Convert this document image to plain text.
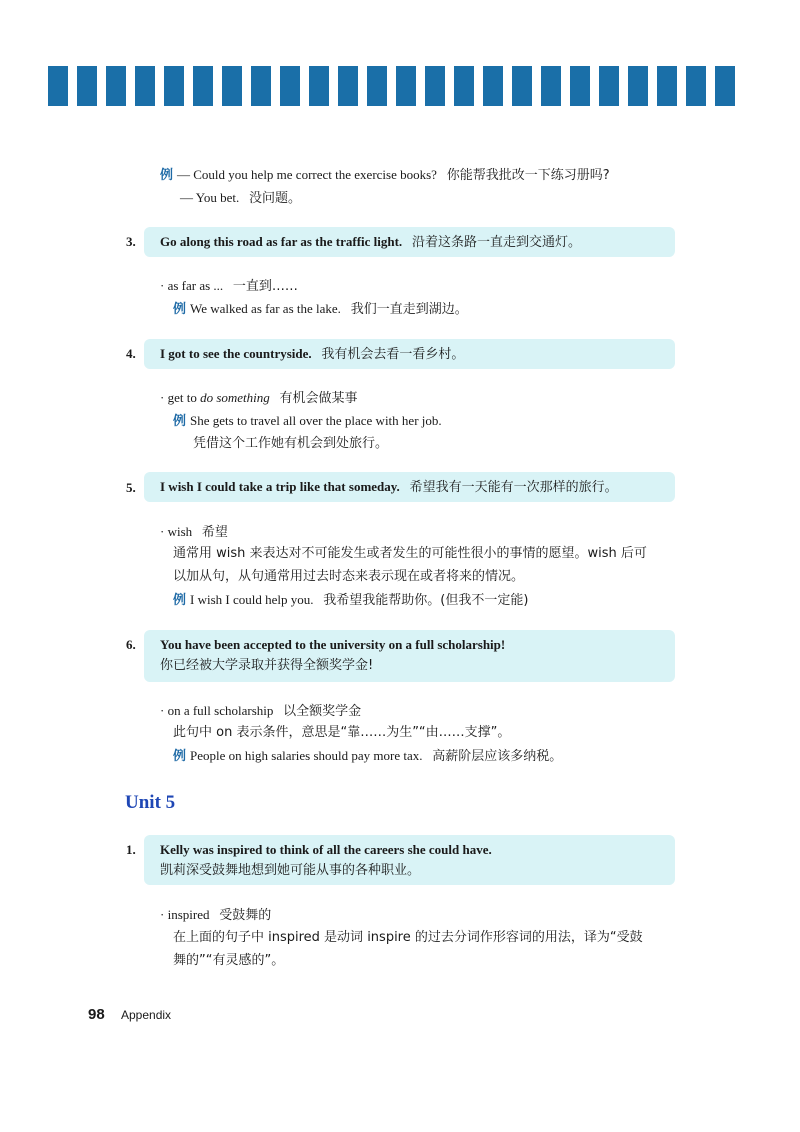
例 — Could you help me correct the exercise books? 你能帮我批改一下练习册吗?
— You bet. 没问题。
3. Go along this road as far as the traffic light. 沿着这条路一直走到交通灯。
· as far as ... 一直到……
例 We walked as far as the lake. 我们一直走到湖边。
4. I got to see the countryside. 我有机会去看一看乡村。
· get to do something 有机会做某事
例 She gets to travel all over the place with her job.
凭借这个工作她有机会到处旅行。
5. I wish I could take a trip like that someday. 希望我有一天能有一次那样的旅行。
· wish 希望
通常用 wish 来表达对不可能发生或者发生的可能性很小的事情的愿望。wish 后可
以加从句，从句通常用过去时态来表示现在或者将来的情况。
例 I wish I could help you. 我希望我能帮助你。(但我不一定能)
6. You have been accepted to the university on a full scholarship!
你已经被大学录取并获得全额奖学金!
· on a full scholarship 以全额奖学金
此句中 on 表示条件，意思是“靠……为生”“由……支撑”。
例 People on high salaries should pay more tax. 高薪阶层应该多纳税。
Unit 5
1. Kelly was inspired to think of all the careers she could have.
凯莉深受鼓舞地想到她可能从事的各种职业。
· inspired 受鼓舞的
在上面的句子中 inspired 是动词 inspire 的过去分词作形容词的用法，译为“受鼓
舞的”“有灵感的”。
98 Appendix
